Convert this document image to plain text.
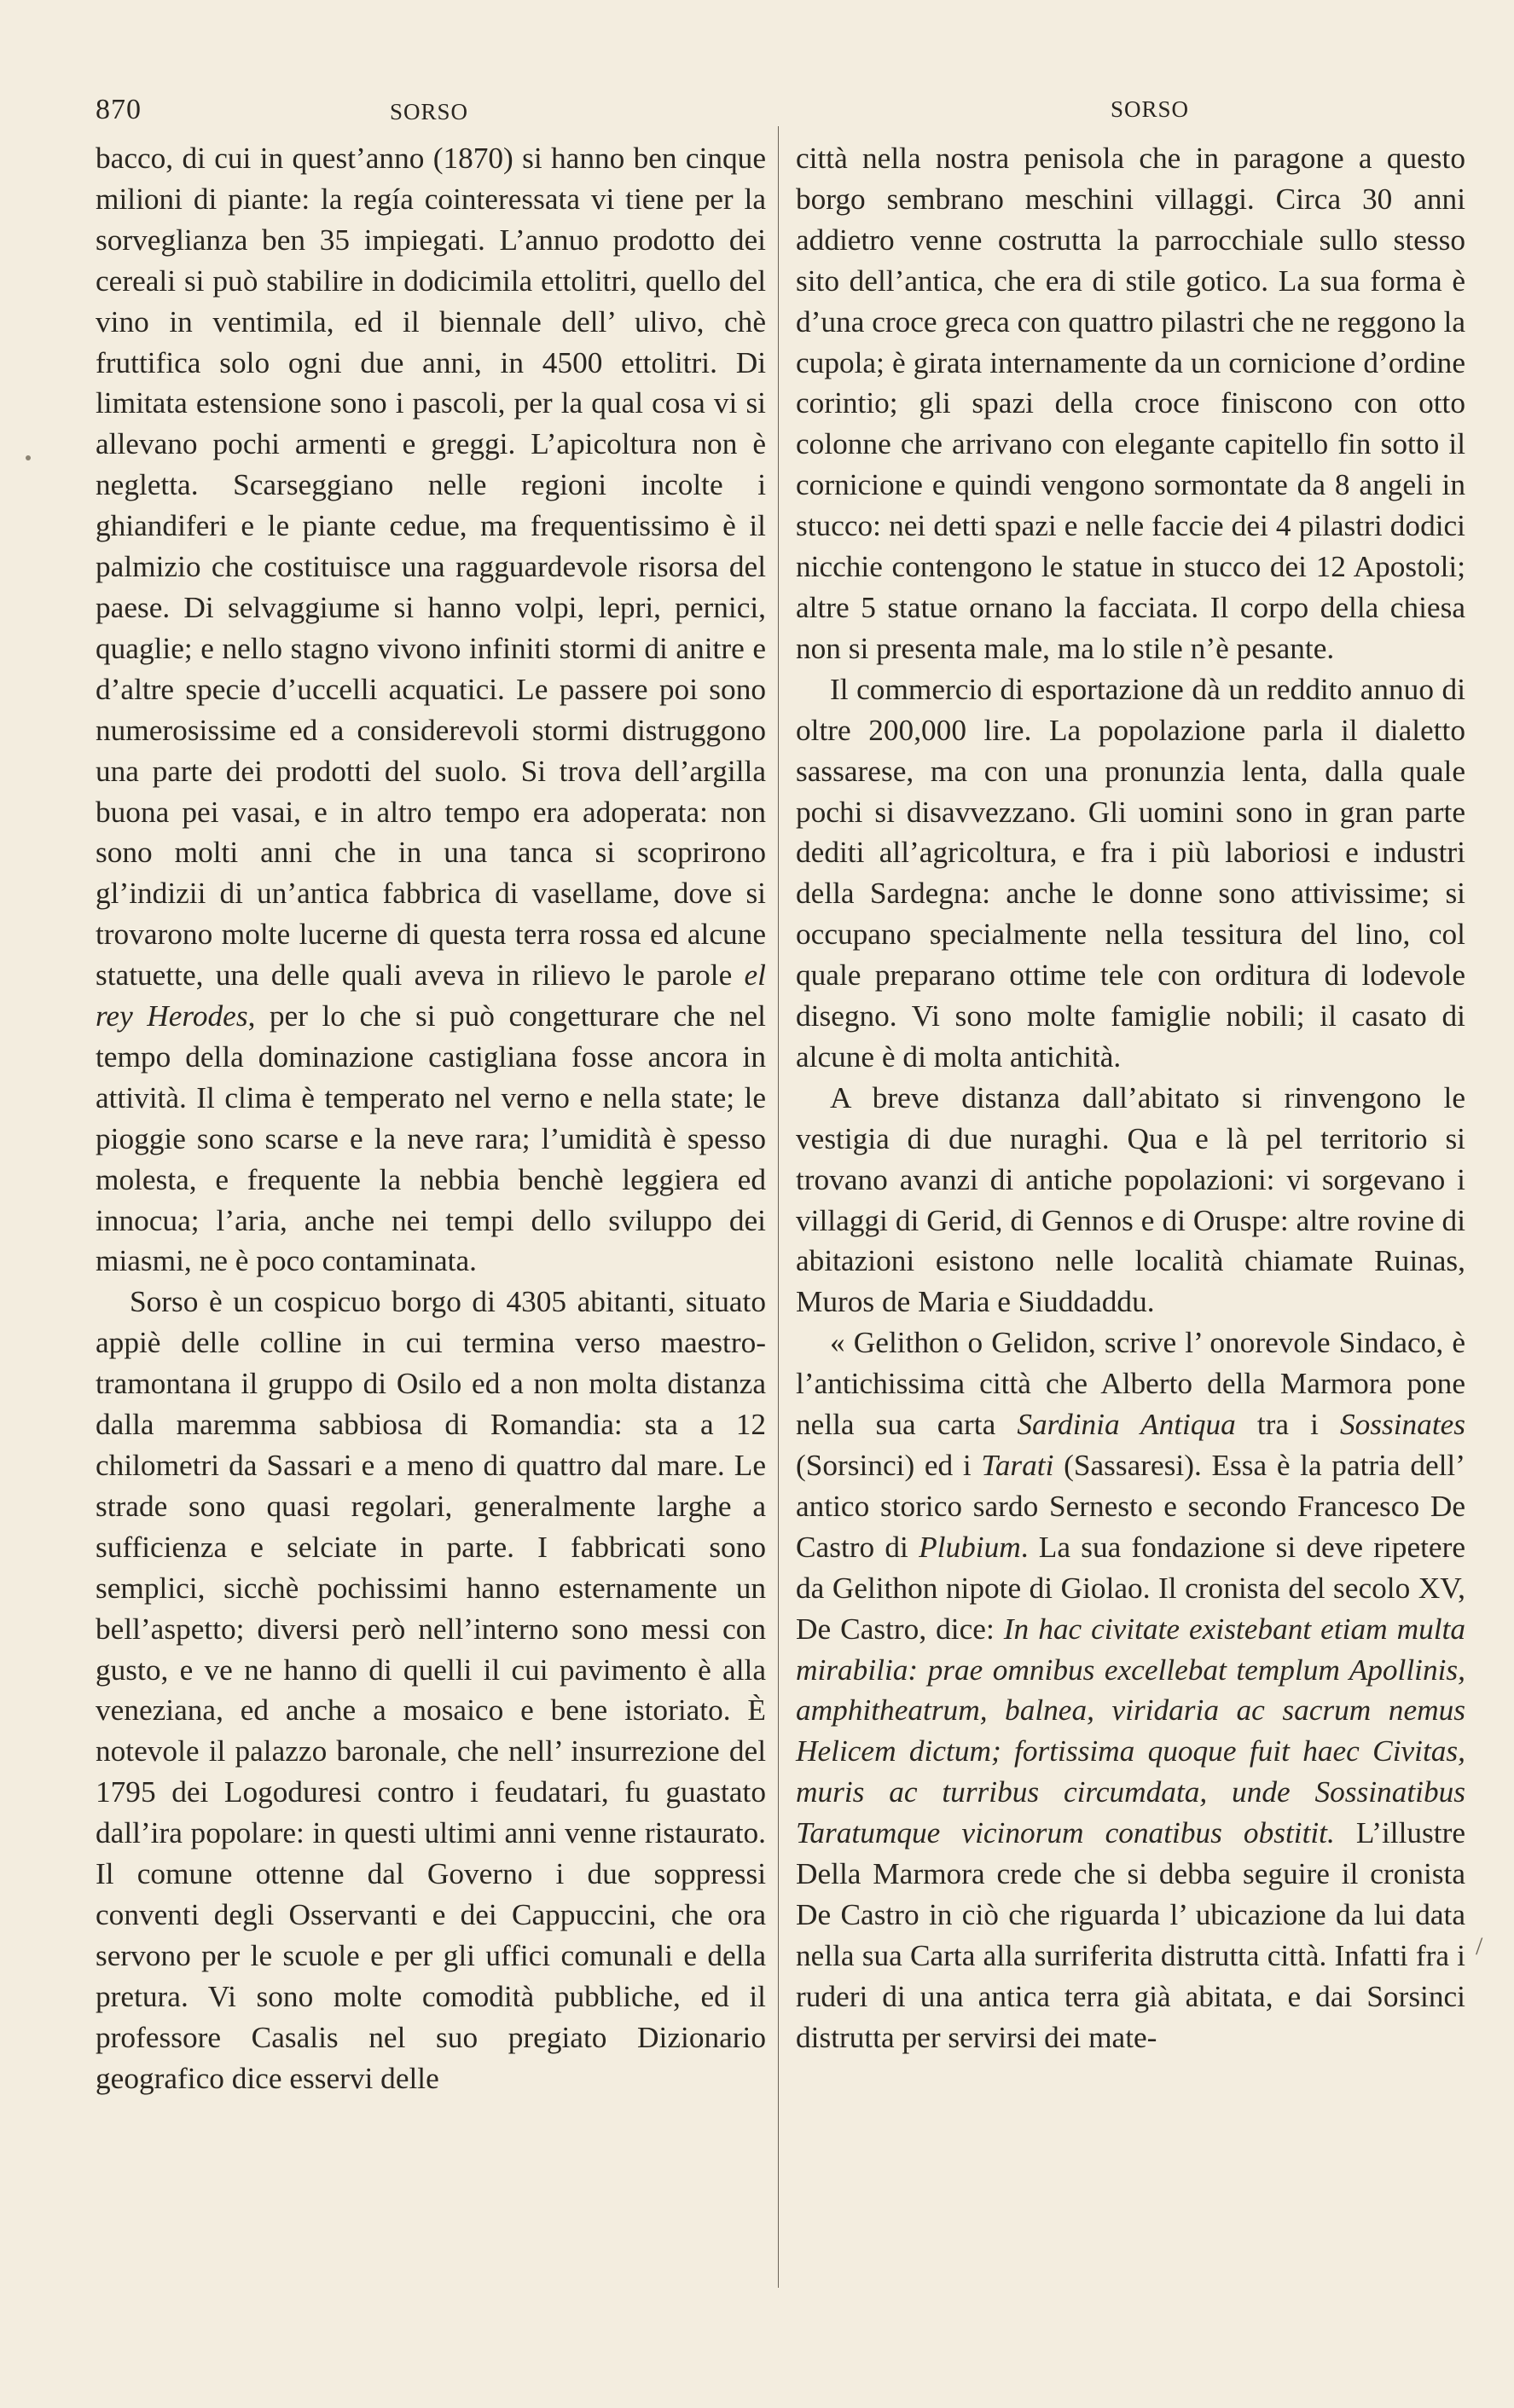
870	SORSO	SORSO
/

bacco, di cui in quest’anno (1870) si hanno ben cinque milioni di piante: la regía cointeressata vi tiene per la sorveglianza ben 35 impiegati. L’annuo prodotto dei cereali si può stabilire in dodicimila ettolitri, quello del vino in ventimila, ed il biennale dell’ ulivo, chè fruttifica solo ogni due anni, in 4500 ettolitri. Di limitata estensione sono i pascoli, per la qual cosa vi si allevano pochi armenti e greggi. L’apicoltura non è negletta. Scarseggiano nelle regioni incolte i ghiandiferi e le piante cedue, ma frequentissimo è il palmizio che costituisce una ragguardevole risorsa del paese. Di selvaggiume si hanno volpi, lepri, pernici, quaglie; e nello stagno vivono infiniti stormi di anitre e d’altre specie d’uccelli acquatici. Le passere poi sono numerosissime ed a considerevoli stormi distruggono una parte dei prodotti del suolo. Si trova dell’argilla buona pei vasai, e in altro tempo era adoperata: non sono molti anni che in una tanca si scoprirono gl’indizii di un’antica fabbrica di vasellame, dove si trovarono molte lucerne di questa terra rossa ed alcune statuette, una delle quali aveva in rilievo le parole el rey Herodes, per lo che si può congetturare che nel tempo della dominazione castigliana fosse ancora in attività. Il clima è temperato nel verno e nella state; le pioggie sono scarse e la neve rara; l’umidità è spesso molesta, e frequente la nebbia benchè leggiera ed innocua; l’aria, anche nei tempi dello sviluppo dei miasmi, ne è poco contaminata.

Sorso è un cospicuo borgo di 4305 abitanti, situato appiè delle colline in cui termina verso maestro-tramontana il gruppo di Osilo ed a non molta distanza dalla maremma sabbiosa di Romandia: sta a 12 chilometri da Sassari e a meno di quattro dal mare. Le strade sono quasi regolari, generalmente larghe a sufficienza e selciate in parte. I fabbricati sono semplici, sicchè pochissimi hanno esternamente un bell’aspetto; diversi però nell’interno sono messi con gusto, e ve ne hanno di quelli il cui pavimento è alla veneziana, ed anche a mosaico e bene istoriato. È notevole il palazzo baronale, che nell’ insurrezione del 1795 dei Logoduresi contro i feudatari, fu guastato dall’ira popolare: in questi ultimi anni venne ristaurato. Il comune ottenne dal Governo i due soppressi conventi degli Osservanti e dei Cappuccini, che ora servono per le scuole e per gli uffici comunali e della pretura. Vi sono molte comodità pubbliche, ed il professore Casalis nel suo pregiato Dizionario geografico dice esservi delle

città nella nostra penisola che in paragone a questo borgo sembrano meschini villaggi. Circa 30 anni addietro venne costrutta la parrocchiale sullo stesso sito dell’antica, che era di stile gotico. La sua forma è d’una croce greca con quattro pilastri che ne reggono la cupola; è girata internamente da un cornicione d’ordine corintio; gli spazi della croce finiscono con otto colonne che arrivano con elegante capitello fin sotto il cornicione e quindi vengono sormontate da 8 angeli in stucco: nei detti spazi e nelle faccie dei 4 pilastri dodici nicchie contengono le statue in stucco dei 12 Apostoli; altre 5 statue ornano la facciata. Il corpo della chiesa non si presenta male, ma lo stile n’è pesante.

Il commercio di esportazione dà un reddito annuo di oltre 200,000 lire. La popolazione parla il dialetto sassarese, ma con una pronunzia lenta, dalla quale pochi si disavvezzano. Gli uomini sono in gran parte dediti all’agricoltura, e fra i più laboriosi e industri della Sardegna: anche le donne sono attivissime; si occupano specialmente nella tessitura del lino, col quale preparano ottime tele con orditura di lodevole disegno. Vi sono molte famiglie nobili; il casato di alcune è di molta antichità.

A breve distanza dall’abitato si rinvengono le vestigia di due nuraghi. Qua e là pel territorio si trovano avanzi di antiche popolazioni: vi sorgevano i villaggi di Gerid, di Gennos e di Oruspe: altre rovine di abitazioni esistono nelle località chiamate Ruinas, Muros de Maria e Siuddaddu.

« Gelithon o Gelidon, scrive l’ onorevole Sindaco, è l’antichissima città che Alberto della Marmora pone nella sua carta Sardinia Antiqua tra i Sossinates (Sorsinci) ed i Tarati (Sassaresi). Essa è la patria dell’ antico storico sardo Sernesto e secondo Francesco De Castro di Plubium. La sua fondazione si deve ripetere da Gelithon nipote di Giolao. Il cronista del secolo XV, De Castro, dice: In hac civitate existebant etiam multa mirabilia: prae omnibus excellebat templum Apollinis, amphitheatrum, balnea, viridaria ac sacrum nemus Helicem dictum; fortissima quoque fuit haec Civitas, muris ac turribus circumdata, unde Sossinatibus Taratumque vicinorum conatibus obstitit. L’illustre Della Marmora crede che si debba seguire il cronista De Castro in ciò che riguarda l’ ubicazione da lui data nella sua Carta alla surriferita distrutta città. Infatti fra i ruderi di una antica terra già abitata, e dai Sorsinci distrutta per servirsi dei mate-
